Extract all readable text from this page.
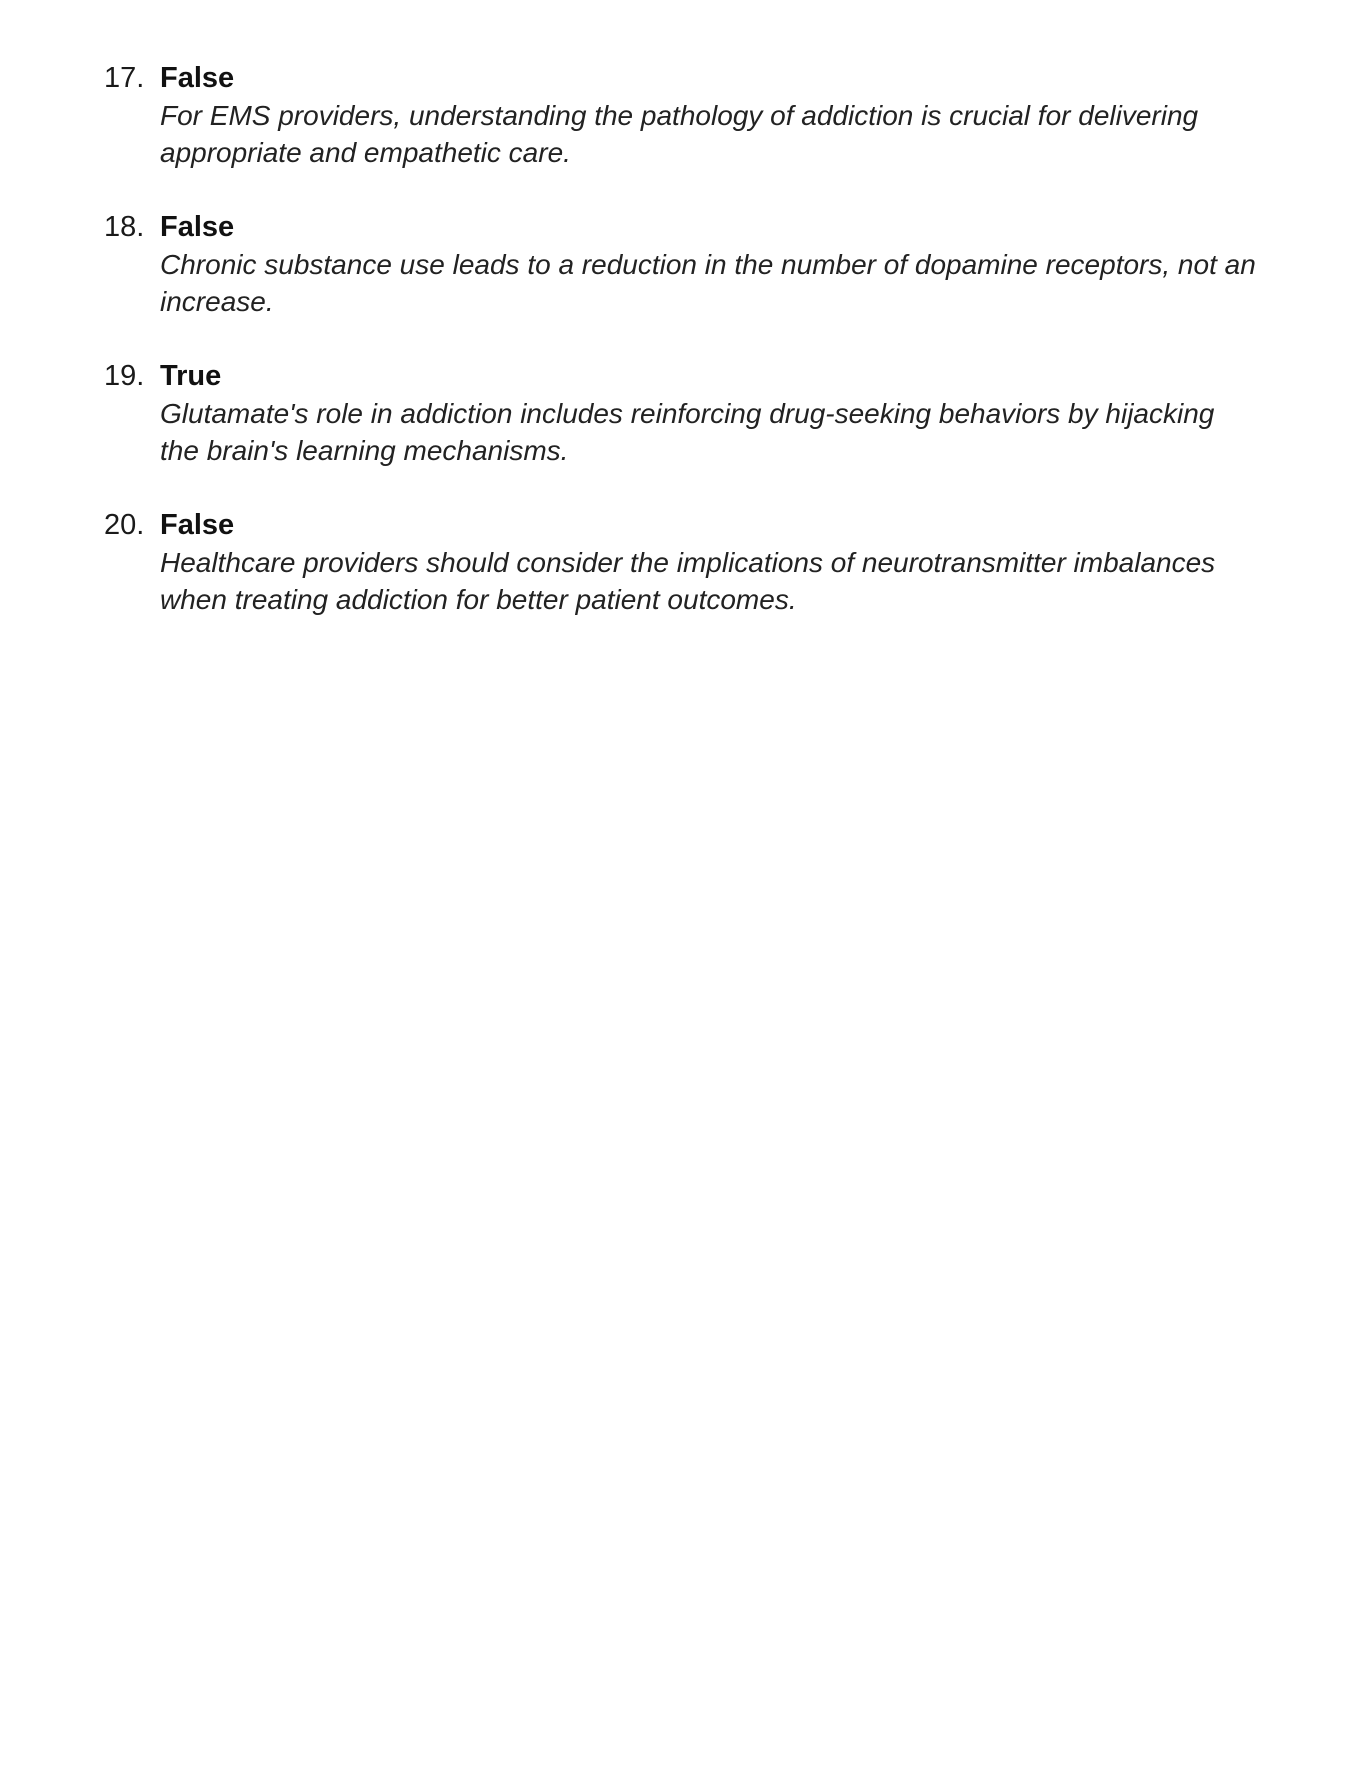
17. False
For EMS providers, understanding the pathology of addiction is crucial for delivering appropriate and empathetic care.
18. False
Chronic substance use leads to a reduction in the number of dopamine receptors, not an increase.
19. True
Glutamate's role in addiction includes reinforcing drug-seeking behaviors by hijacking the brain's learning mechanisms.
20. False
Healthcare providers should consider the implications of neurotransmitter imbalances when treating addiction for better patient outcomes.
